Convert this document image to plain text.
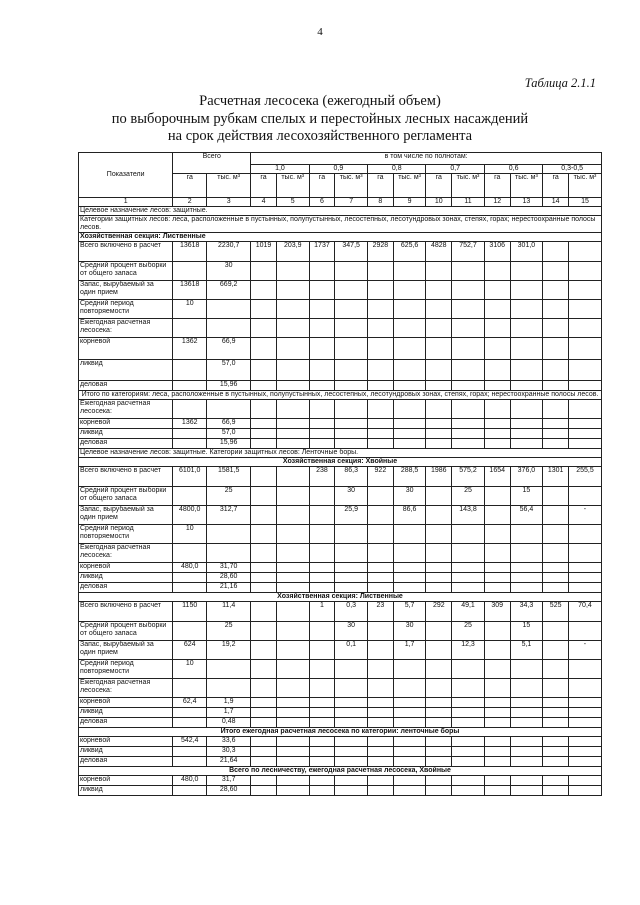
4
Таблица 2.1.1
Расчетная лесосека (ежегодный объем)
по выборочным рубкам спелых и перестойных лесных насаждений
на срок действия лесохозяйственного регламента
Показатели	Всего		в том числе по полнотам:											
			1,0		0,9		0,8		0,7		0,6		0,3-0,5	
	га	тыс. м³	га	тыс. м³	га	тыс. м³	га	тыс. м³	га	тыс. м³	га	тыс. м³	га	тыс. м³
1	2	3	4	5	6	7	8	9	10	11	12	13	14	15
Целевое назначение лесов: защитные.														
Категории защитных лесов: леса, расположенные в пустынных, полупустынных, лесостепных, лесотундровых зонах, степях, горах; нерестоохранные полосы лесов.														
Хозяйственная секция: Лиственные														
Всего включено в расчет	13618	2230,7	1019	203,9	1737	347,5	2928	625,6	4828	752,7	3106	301,0		
Средний процент выборки от общего запаса		30												
Запас, вырубаемый за один прием	13618	669,2												
Средний период повторяемости	10													
Ежегодная расчетная лесосека:														
корневой	1362	66,9												
ликвид		57,0												
деловая		15,96												
Итого по категориям: леса, расположенные в пустынных, полупустынных, лесостепных, лесотундровых зонах, степях, горах; нерестоохранные полосы лесов.														
Ежегодная расчетная лесосека:														
корневой	1362	66,9												
ликвид		57,0												
деловая		15,96												
Целевое назначение лесов: защитные. Категории защитных лесов: Ленточные боры.														
Хозяйственная секция: Хвойные														
Всего включено в расчет	6101,0	1581,5			238	86,3	922	288,5	1986	575,2	1654	376,0	1301	255,5
Средний процент выборки от общего запаса		25				30		30		25		15		
Запас, вырубаемый за один прием	4800,0	312,7				25,9		86,6		143,8		56,4		-
Средний период повторяемости	10													
Ежегодная расчетная лесосека:														
корневой	480,0	31,70												
ликвид		28,60												
деловая		21,16												
Хозяйственная секция: Лиственные														
Всего включено в расчет	1150	11,4			1	0,3	23	5,7	292	49,1	309	34,3	525	70,4
Средний процент выборки от общего запаса		25				30		30		25		15		
Запас, вырубаемый за один прием	624	19,2				0,1		1,7		12,3		5,1		-
Средний период повторяемости	10													
Ежегодная расчетная лесосека:														
корневой	62,4	1,9												
ликвид		1,7												
деловая		0,48												
Итого ежегодная расчетная лесосека по категории: ленточные боры														
корневой	542,4	33,6												
ликвид		30,3												
деловая		21,64												
Всего по лесничеству, ежегодная расчетная лесосека, Хвойные														
корневой	480,0	31,7												
ликвид		28,60												
